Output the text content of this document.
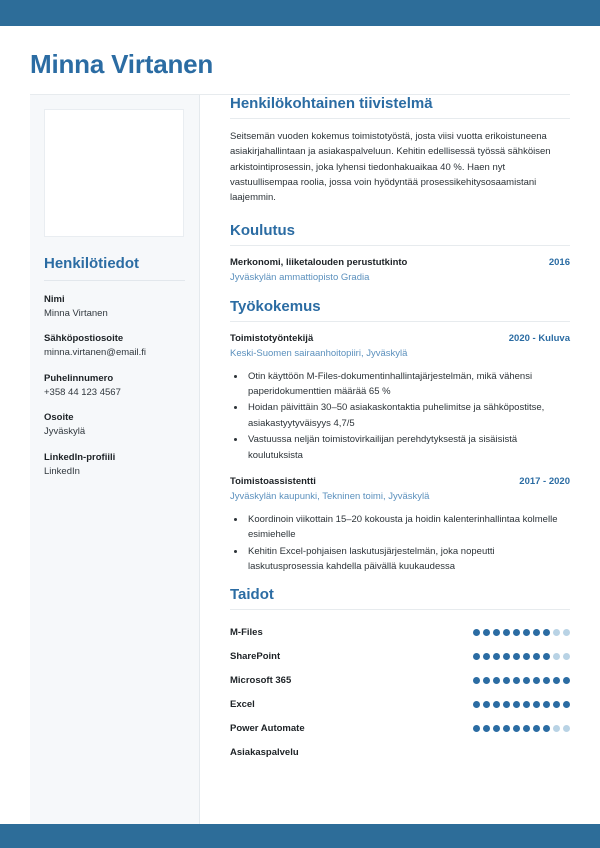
Minna Virtanen
Henkilötiedot
Nimi
Minna Virtanen
Sähköpostiosoite
minna.virtanen@email.fi
Puhelinnumero
+358 44 123 4567
Osoite
Jyväskylä
LinkedIn-profiili
LinkedIn
Henkilökohtainen tiivistelmä

Seitsemän vuoden kokemus toimistotyöstä, josta viisi vuotta erikoistuneena asiakirjahallintaan ja asiakaspalveluun. Kehitin edellisessä työssä sähköisen arkistointiprosessin, joka lyhensi tiedonhakuaikaa 40 %. Haen nyt vastuullisempaa roolia, jossa voin hyödyntää prosessikehitysosaamistani laajemmin.

Koulutus
Merkonomi, liiketalouden perustutkinto	2016
Jyväskylän ammattiopisto Gradia
Työkokemus
Toimistotyöntekijä	2020 - Kuluva
Keski-Suomen sairaanhoitopiiri, Jyväskylä
• Otin käyttöön M-Files-dokumentinhallintajärjestelmän, mikä vähensi paperidokumenttien määrää 65 %
• Hoidan päivittäin 30–50 asiakaskontaktia puhelimitse ja sähköpostitse, asiakastyytyväisyys 4,7/5
• Vastuussa neljän toimistovirkailijan perehdytyksestä ja sisäisistä koulutuksista
Toimistoassistentti	2017 - 2020
Jyväskylän kaupunki, Tekninen toimi, Jyväskylä
• Koordinoin viikottain 15–20 kokousta ja hoidin kalenterinhallintaa kolmelle esimiehelle
• Kehitin Excel-pohjaisen laskutusjärjestelmän, joka nopeutti laskutusprosessia kahdella päivällä kuukaudessa
Taidot
M-Files
SharePoint
Microsoft 365
Excel
Power Automate
Asiakaspalvelu
